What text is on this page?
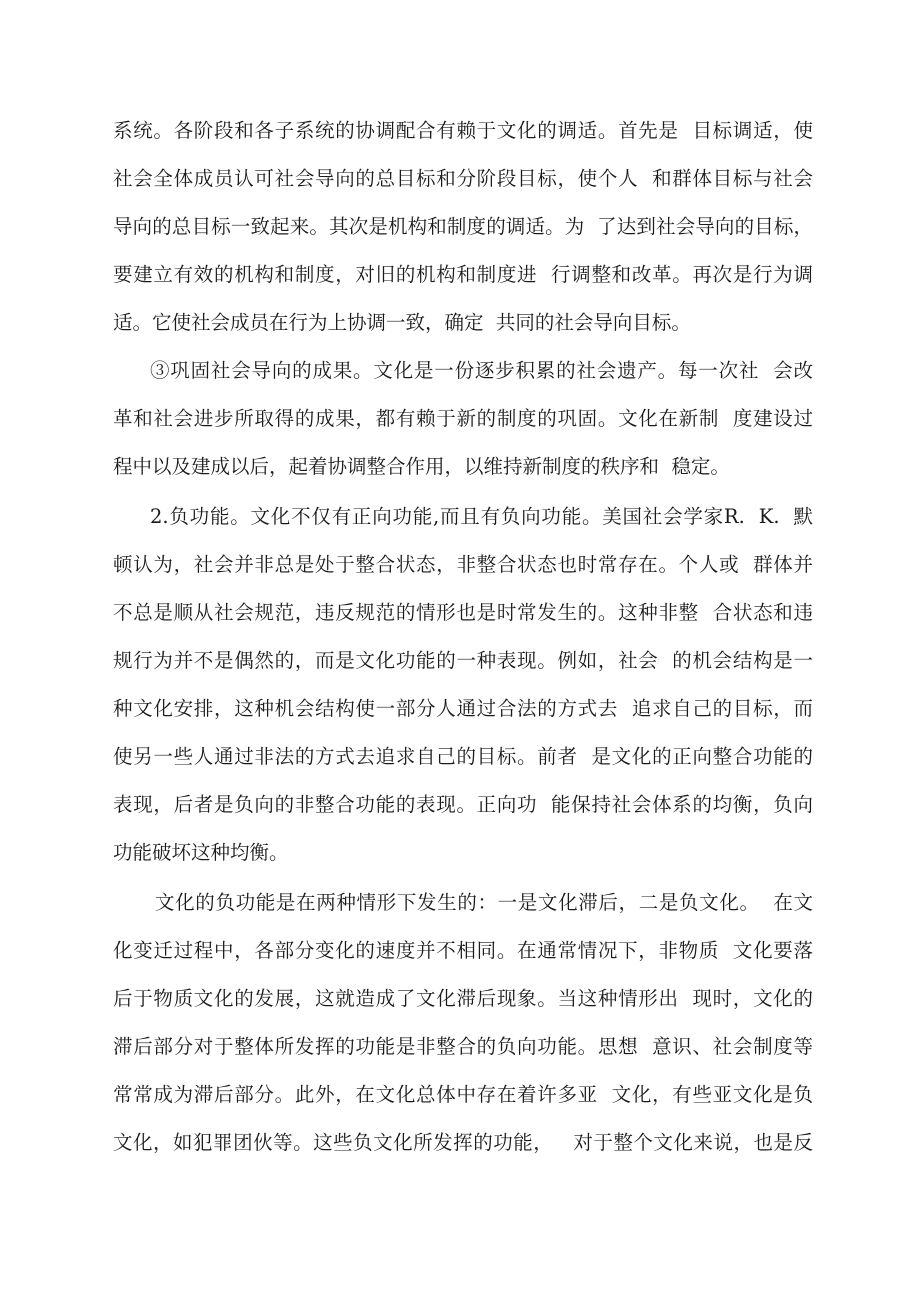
系统。各阶段和各子系统的协调配合有赖于文化的调适。首先是  目标调适，使
社会全体成员认可社会导向的总目标和分阶段目标，使个人  和群体目标与社会
导向的总目标一致起来。其次是机构和制度的调适。为  了达到社会导向的目标，
要建立有效的机构和制度，对旧的机构和制度进  行调整和改革。再次是行为调
适。它使社会成员在行为上协调一致，确定  共同的社会导向目标。
③巩固社会导向的成果。文化是一份逐步积累的社会遗产。每一次社  会改
革和社会进步所取得的成果，都有赖于新的制度的巩固。文化在新制  度建设过
程中以及建成以后，起着协调整合作用，以维持新制度的秩序和  稳定。
2.负功能。文化不仅有正向功能,而且有负向功能。美国社会学家R.  K.  默
顿认为，社会并非总是处于整合状态，非整合状态也时常存在。个人或  群体并
不总是顺从社会规范，违反规范的情形也是时常发生的。这种非整  合状态和违
规行为并不是偶然的，而是文化功能的一种表现。例如，社会  的机会结构是一
种文化安排，这种机会结构使一部分人通过合法的方式去  追求自己的目标，而
使另一些人通过非法的方式去追求自己的目标。前者  是文化的正向整合功能的
表现，后者是负向的非整合功能的表现。正向功  能保持社会体系的均衡，负向
功能破坏这种均衡。
文化的负功能是在两种情形下发生的：一是文化滞后，二是负文化。  在文
化变迁过程中，各部分变化的速度并不相同。在通常情况下，非物质  文化要落
后于物质文化的发展，这就造成了文化滞后现象。当这种情形出  现时，文化的
滞后部分对于整体所发挥的功能是非整合的负向功能。思想  意识、社会制度等
常常成为滞后部分。此外，在文化总体中存在着许多亚  文化，有些亚文化是负
文化，如犯罪团伙等。这些负文化所发挥的功能，   对于整个文化来说，也是反
